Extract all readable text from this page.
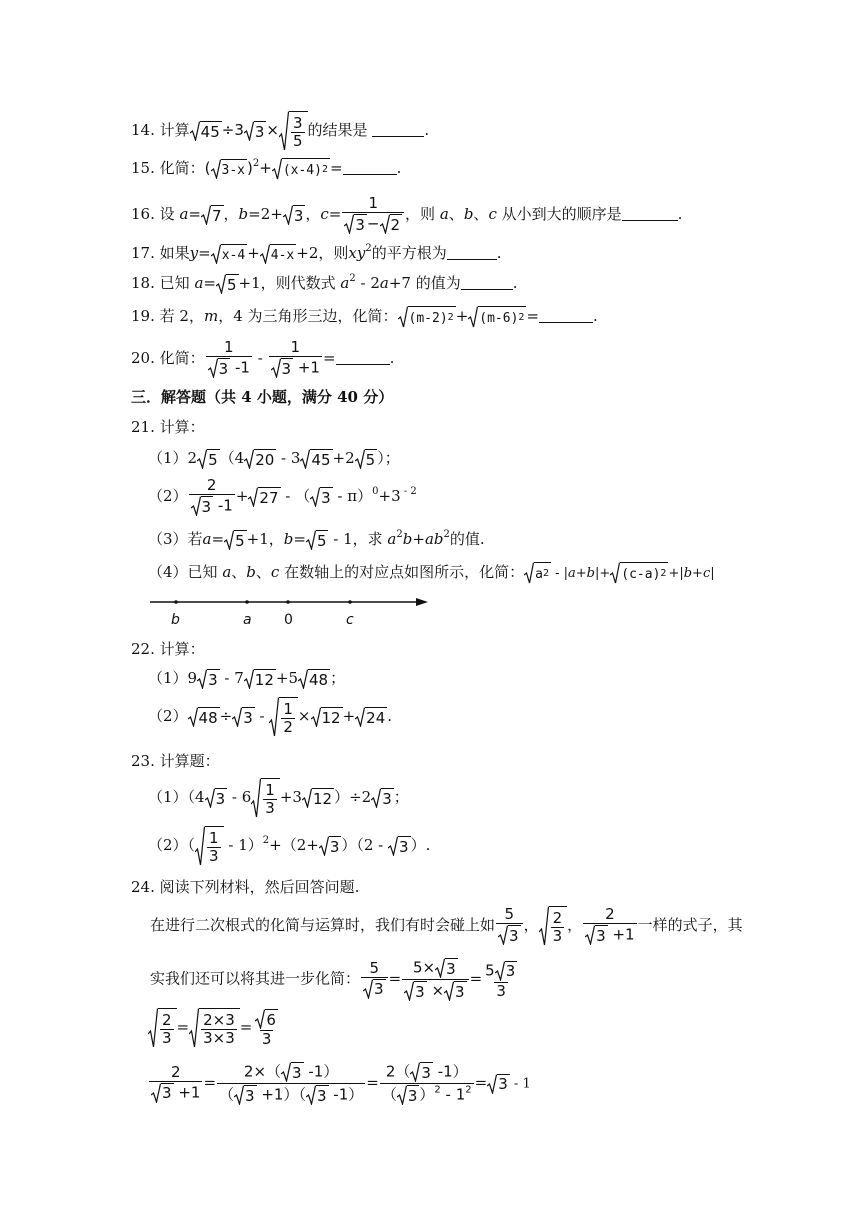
14. 计算 45 ÷3 $3 \times \frac{3}{5}$ 的结果是	.
15. 化简：( 3-x )$^2$+ (x-4) 2 =	.
16. 设 a= 7 ，b=2+ 3 ，$c= \frac{1}{3 - 2}$ ，则 a、b、c 从小到大的顺序是	.
17. 如果y= x-4 + 4-x +2，则$xy^2$的平方根为	.
18. 已知 a= 5 +1，则代数式 $a^2 - 2a+7$ 的值为	.
19. 若 2，m，4 为三角形三边，化简： (m-2) 2 + (m-6) 2 =	.
20. 化简： $\frac{1}{3 -1} - \frac{1}{3 +1}$ =	.
三．解答题（共 4 小题，满分 40 分）
21. 计算：
（1）2 5 （4 20 - 3 45 +2 5 ）；
$(2) \frac{2}{3 -1} + 27$ - （ 3 - π）$^0$+3 $^{- 2}$
（3）若a= 5 +1，b= 5 - 1，求 $a^2b+ab^2$的值.
（4）已知 a、b、c 在数轴上的对应点如图所示，化简： a 2 - |a+b|+ (c-a) 2 +|b+c|
b	a 0	c
22. 计算：
（1）9 3 - 7 12 +5 48 ；
（2） $48 \div 3 - \frac{1}{2} \times 12 + 24$ .
23. 计算题：
（1）（4 $3 - 6 \frac{1}{3} +3$ 12 ）÷2 3 ；
$(2)( \frac{1}{3} - 1)^2+(2+ 3$ ）（2 - 3 ）.
24. 阅读下列材料，然后回答问题.
在进行二次根式的化简与运算时，我们有时会碰上如 $\frac{5}{3}$ ， $\frac{2}{3}$ ， $\frac{2}{3 +1}$ 一样的式子，其
实我们还可以将其进一步化简： $\frac{5}{3} = \frac{5\times 3}{3 \times 3} = \frac{5 3}{3}$
$\frac{2}{3} = \frac{2\times 3}{3\times 3} = \frac{6}{3}$
$\frac{2}{3 +1} = \frac{2\times( 3 -1)}{( 3 +1)( 3 -1)} = \frac{2( 3 -1)}{( 3 )^2 - 1^2} = 3 - 1$
